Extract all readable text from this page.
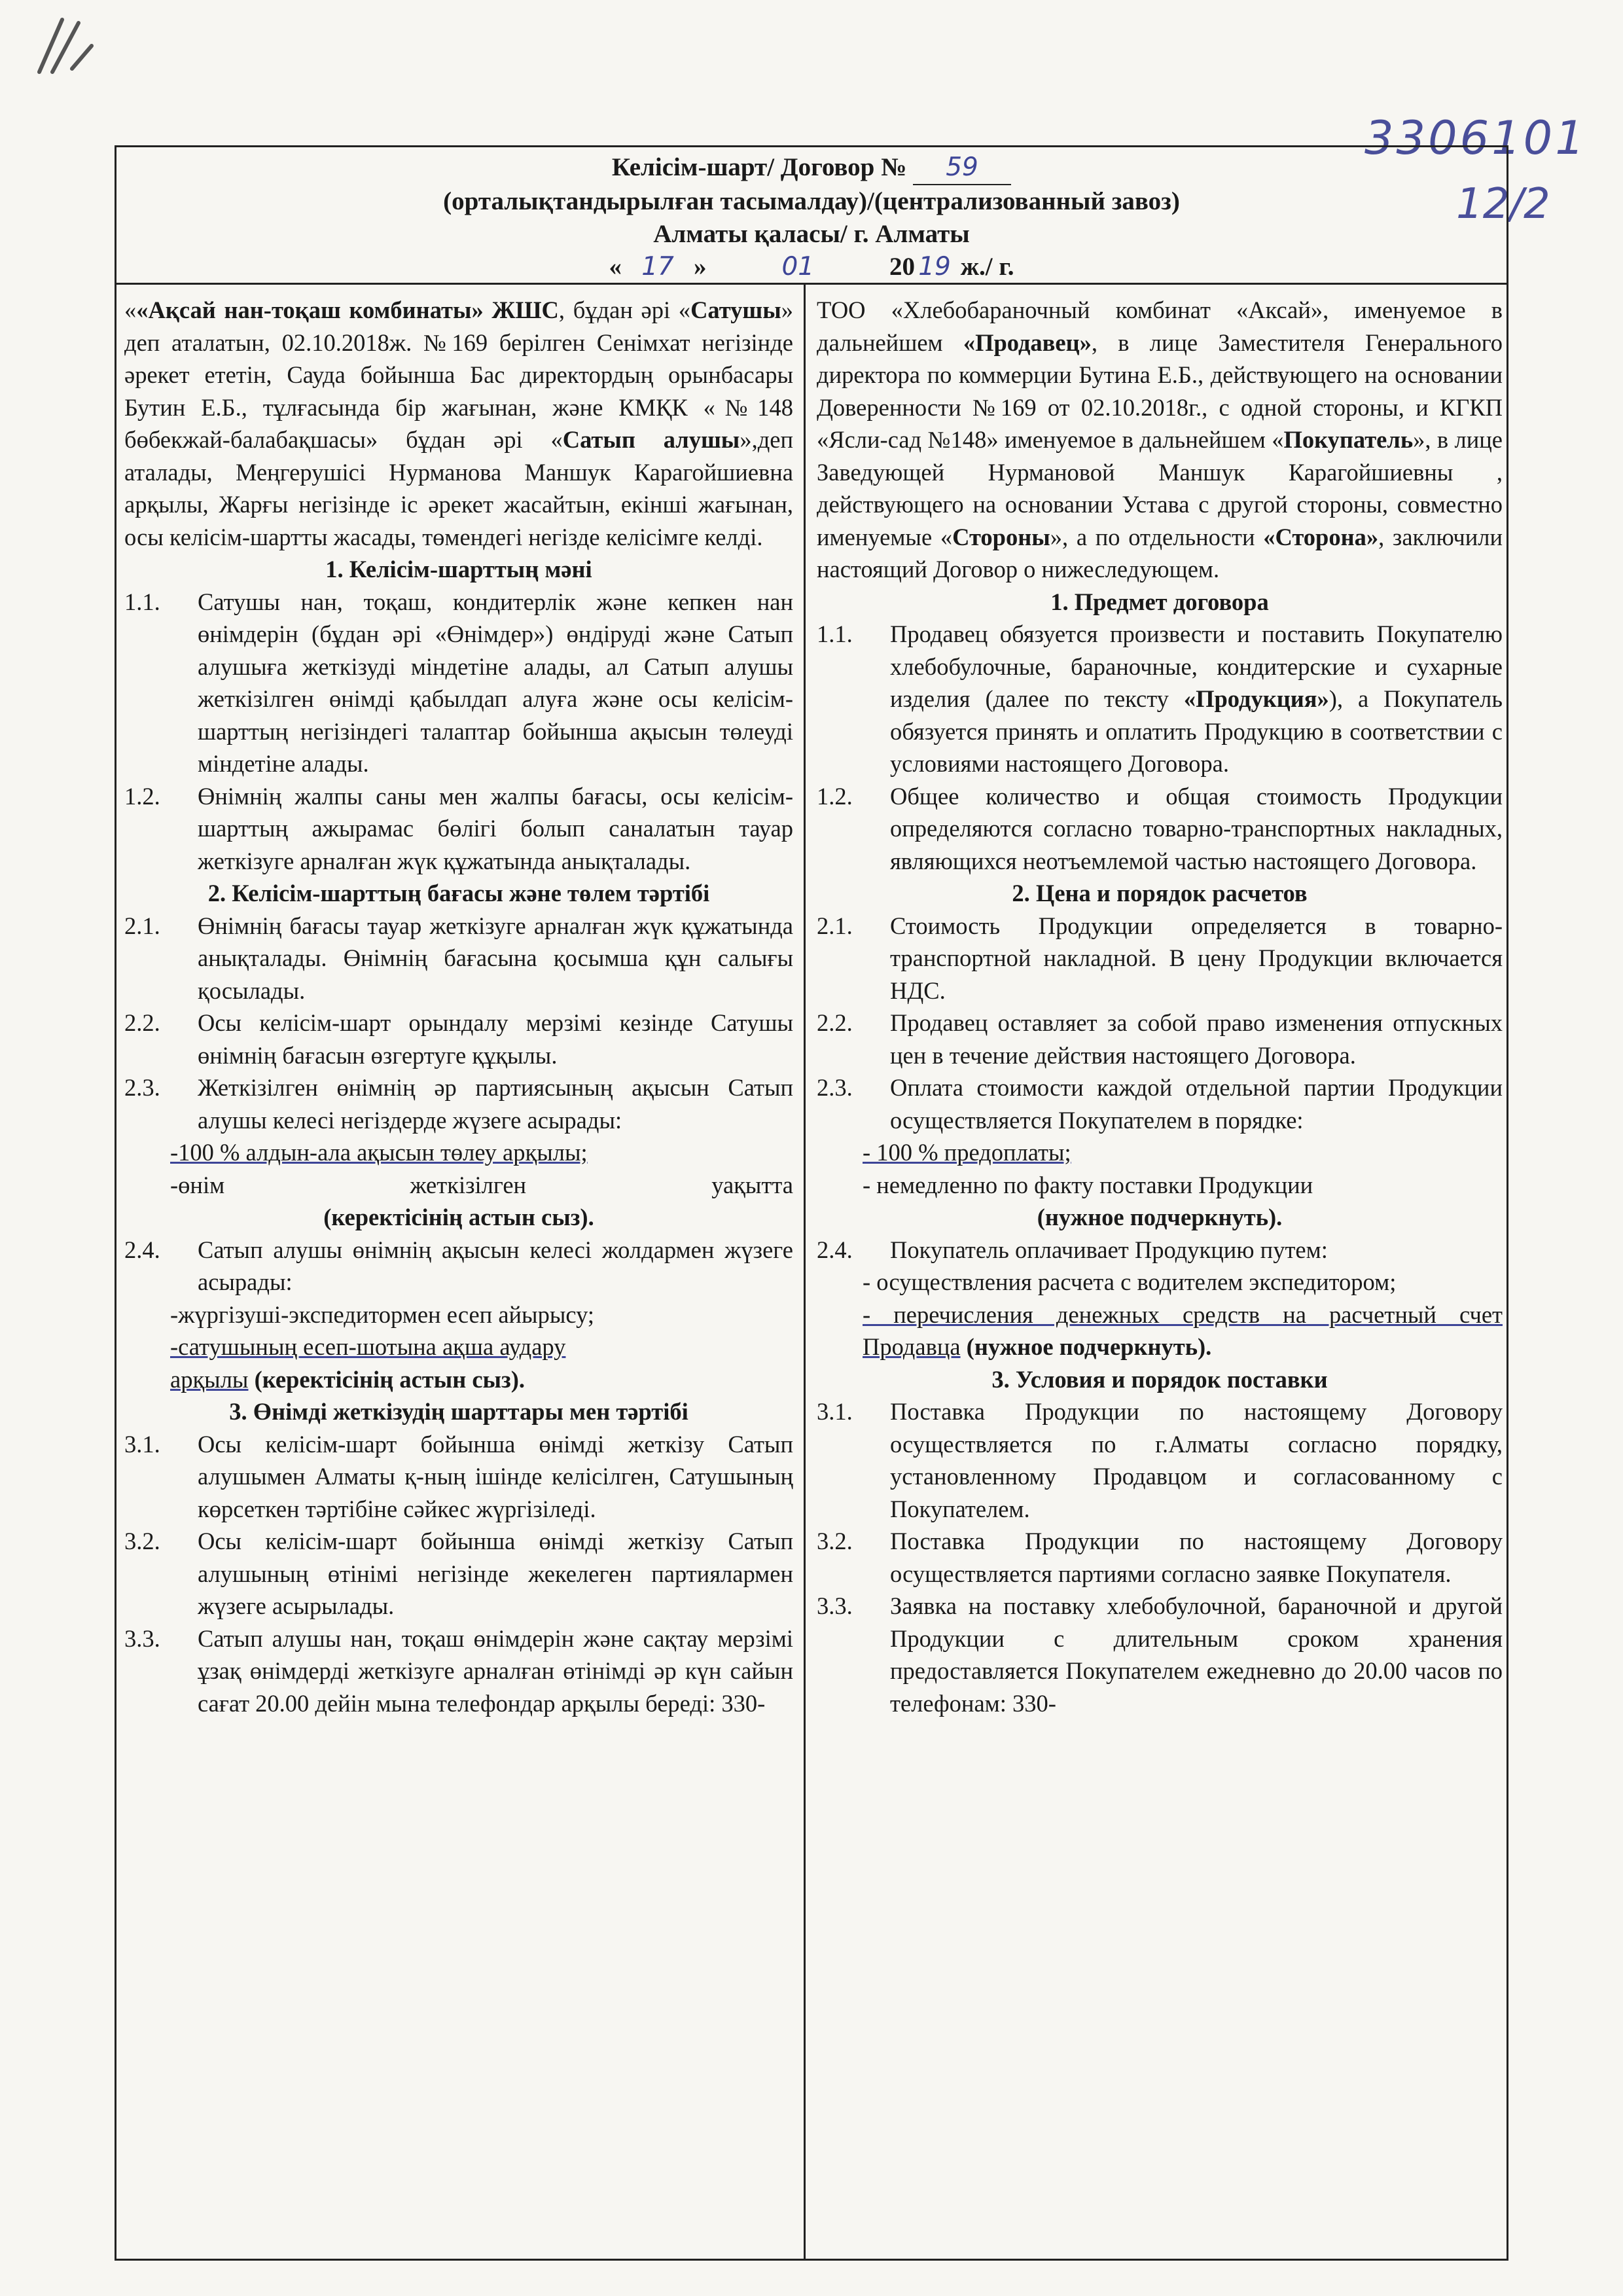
3306101
12/2
Келісім-шарт/ Договор № 59
(орталықтандырылған тасымалдау)/(централизованный завоз)
Алматы қаласы/ г. Алматы
« 17 »	01	20 19 ж./ г.

««Ақсай нан-тоқаш комбинаты» ЖШС, бұдан әрі «Сатушы» деп аталатын, 02.10.2018ж. №169 берілген Сенімхат негізінде әрекет ететін, Сауда бойынша Бас директордың орынбасары Бутин Е.Б., тұлғасында бір жағынан, және КМҚК «№148 бөбекжай-балабақшасы» бұдан әрі «Сатып алушы»,деп аталады, Меңгерушісі Нурманова Маншук Карагойшиевна арқылы, Жарғы негізінде іс әрекет жасайтын, екінші жағынан, осы келісім-шартты жасады, төмендегі негізде келісімге келді.

1. Келісім-шарттың мәні

1.1.	Сатушы нан, тоқаш, кондитерлік және кепкен нан өнімдерін (бұдан әрі «Өнімдер») өндіруді және Сатып алушыға жеткізуді міндетіне алады, ал Сатып алушы жеткізілген өнімді қабылдап алуға және осы келісім-шарттың негізіндегі талаптар бойынша ақысын төлеуді міндетіне алады.
1.2.	Өнімнің жалпы саны мен жалпы бағасы, осы келісім-шарттың ажырамас бөлігі болып саналатын тауар жеткізуге арналған жүк құжатында анықталады.

2. Келісім-шарттың бағасы және төлем тәртібі

2.1.	Өнімнің бағасы тауар жеткізуге арналған жүк құжатында анықталады. Өнімнің бағасына қосымша құн салығы қосылады.
2.2.	Осы келісім-шарт орындалу мерзімі кезінде Сатушы өнімнің бағасын өзгертуге құқылы.
2.3.	Жеткізілген өнімнің әр партиясының ақысын Сатып алушы келесі негіздерде жүзеге асырады:

-100 % алдын-ала ақысын төлеу арқылы;

-өнім жеткізілген уақытта

(керектісінің астын сыз).

2.4.	Сатып алушы өнімнің ақысын келесі жолдармен жүзеге асырады:

-жүргізуші-экспедитормен есеп айырысу;

-сатушының есеп-шотына ақша аудару

арқылы (керектісінің астын сыз).

3. Өнімді жеткізудің шарттары мен тәртібі

3.1.	Осы келісім-шарт бойынша өнімді жеткізу Сатып алушымен Алматы қ-ның ішінде келісілген, Сатушының көрсеткен тәртібіне сәйкес жүргізіледі.
3.2.	Осы келісім-шарт бойынша өнімді жеткізу Сатып алушының өтінімі негізінде жекелеген партиялармен жүзеге асырылады.
3.3.	Сатып алушы нан, тоқаш өнімдерін және сақтау мерзімі ұзақ өнімдерді жеткізуге арналған өтінімді әр күн сайын сағат 20.00 дейін мына телефондар арқылы береді: 330-

ТОО «Хлебобараночный комбинат «Аксай», именуемое в дальнейшем «Продавец», в лице Заместителя Генерального директора по коммерции Бутина Е.Б., действующего на основании Доверенности №169 от 02.10.2018г., с одной стороны, и КГКП «Ясли-сад №148» именуемое в дальнейшем «Покупатель», в лице Заведующей Нурмановой Маншук Карагойшиевны , действующего на основании Устава с другой стороны, совместно именуемые «Стороны», а по отдельности «Сторона», заключили настоящий Договор о нижеследующем.

1. Предмет договора

1.1.	Продавец обязуется произвести и поставить Покупателю хлебобулочные, бараночные, кондитерские и сухарные изделия (далее по тексту «Продукция»), а Покупатель обязуется принять и оплатить Продукцию в соответствии с условиями настоящего Договора.
1.2.	Общее количество и общая стоимость Продукции определяются согласно товарно-транспортных накладных, являющихся неотъемлемой частью настоящего Договора.

2. Цена и порядок расчетов

2.1.	Стоимость Продукции определяется в товарно-транспортной накладной. В цену Продукции включается НДС.
2.2.	Продавец оставляет за собой право изменения отпускных цен в течение действия настоящего Договора.
2.3.	Оплата стоимости каждой отдельной партии Продукции осуществляется Покупателем в порядке:

- 100 % предоплаты;

- немедленно по факту поставки Продукции

(нужное подчеркнуть).

2.4.	Покупатель оплачивает Продукцию путем:

- осуществления расчета с водителем экспедитором;

- перечисления денежных средств на расчетный счет Продавца (нужное подчеркнуть).

3. Условия и порядок поставки

3.1.	Поставка Продукции по настоящему Договору осуществляется по г.Алматы согласно порядку, установленному Продавцом и согласованному с Покупателем.
3.2.	Поставка Продукции по настоящему Договору осуществляется партиями согласно заявке Покупателя.
3.3.	Заявка на поставку хлебобулочной, бараночной и другой Продукции с длительным сроком хранения предоставляется Покупателем ежедневно до 20.00 часов по телефонам: 330-
